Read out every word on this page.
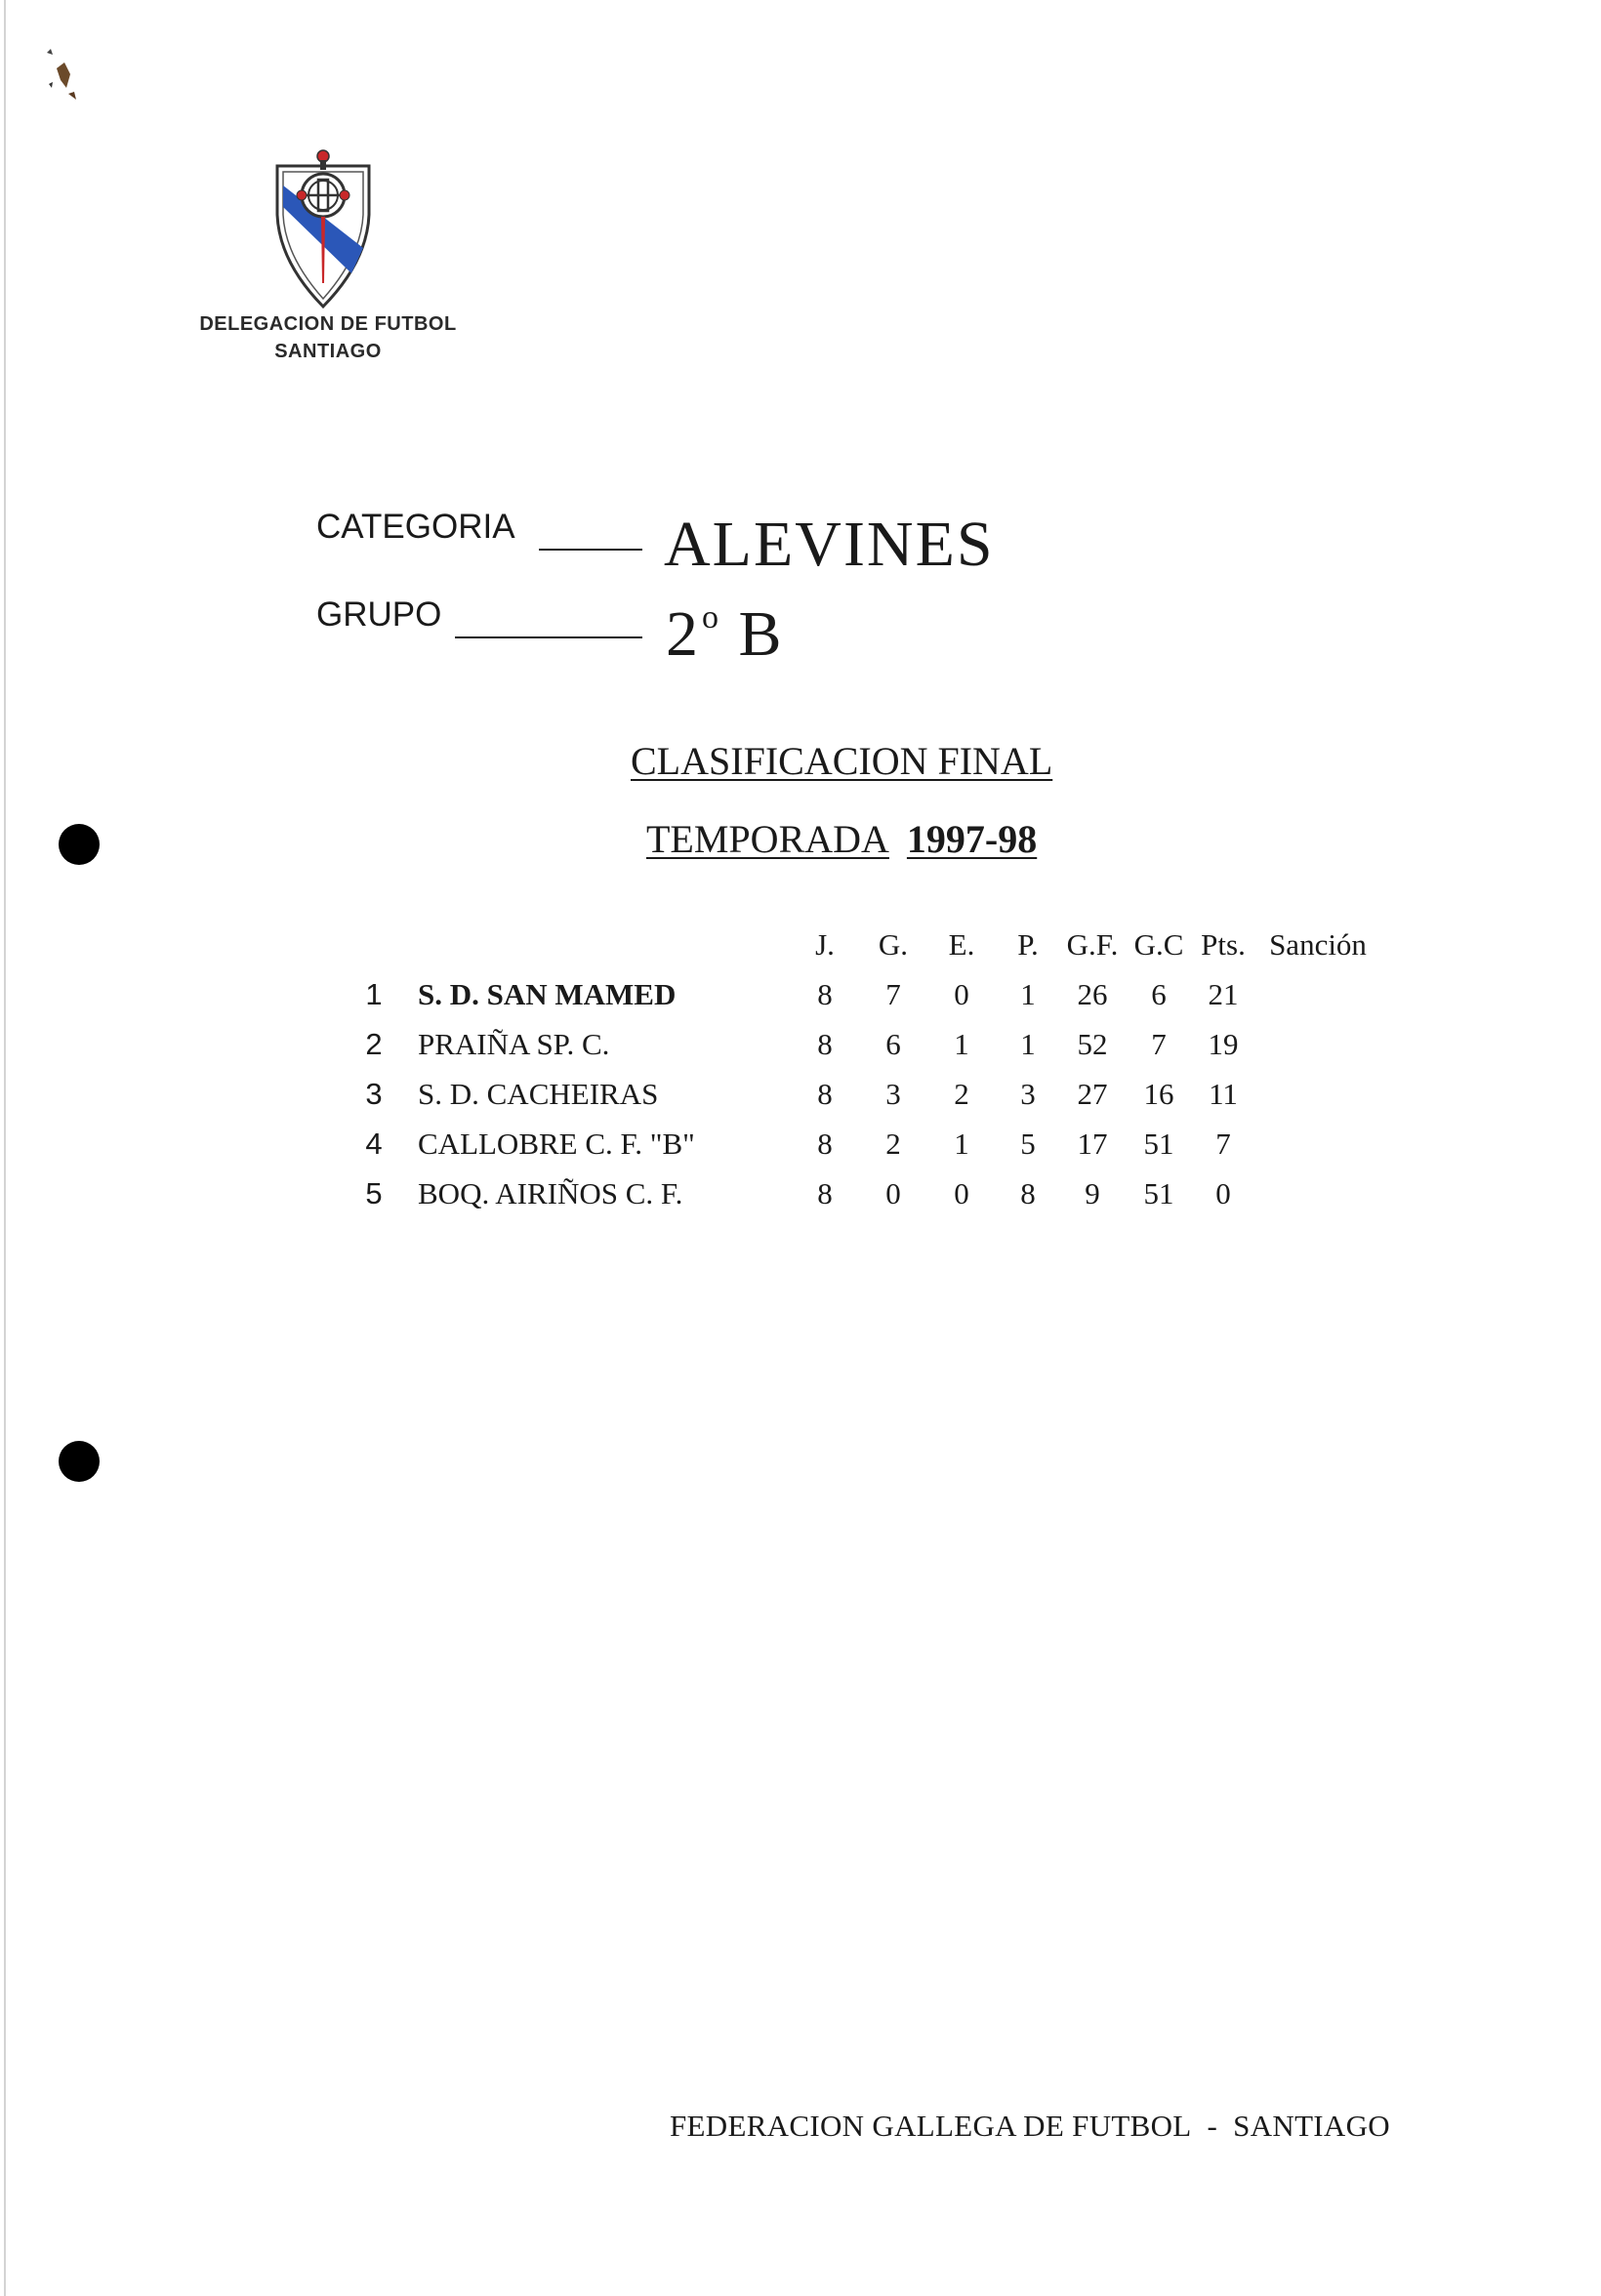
DELEGACION DE FUTBOL
SANTIAGO
CATEGORIA ALEVINES
GRUPO	2$^o$ B
CLASIFICACION FINAL
TEMPORADA 1997-98
J.	G.	E.	P. G.F. G.C Pts. Sanción
1	S. D. SAN MAMED	8	7	0	1	26	6	21
2	PRAIÑA SP. C.	8	6	1	1	52	7	19
3	S. D. CACHEIRAS	8	3	2	3	27	16	11
4	CALLOBRE C. F. "B"	8	2	1	5	17	51	7
5	BOQ. AIRIÑOS C. F.	8	0	0	8	9	51	0
FEDERACION GALLEGA DE FUTBOL - SANTIAGO
